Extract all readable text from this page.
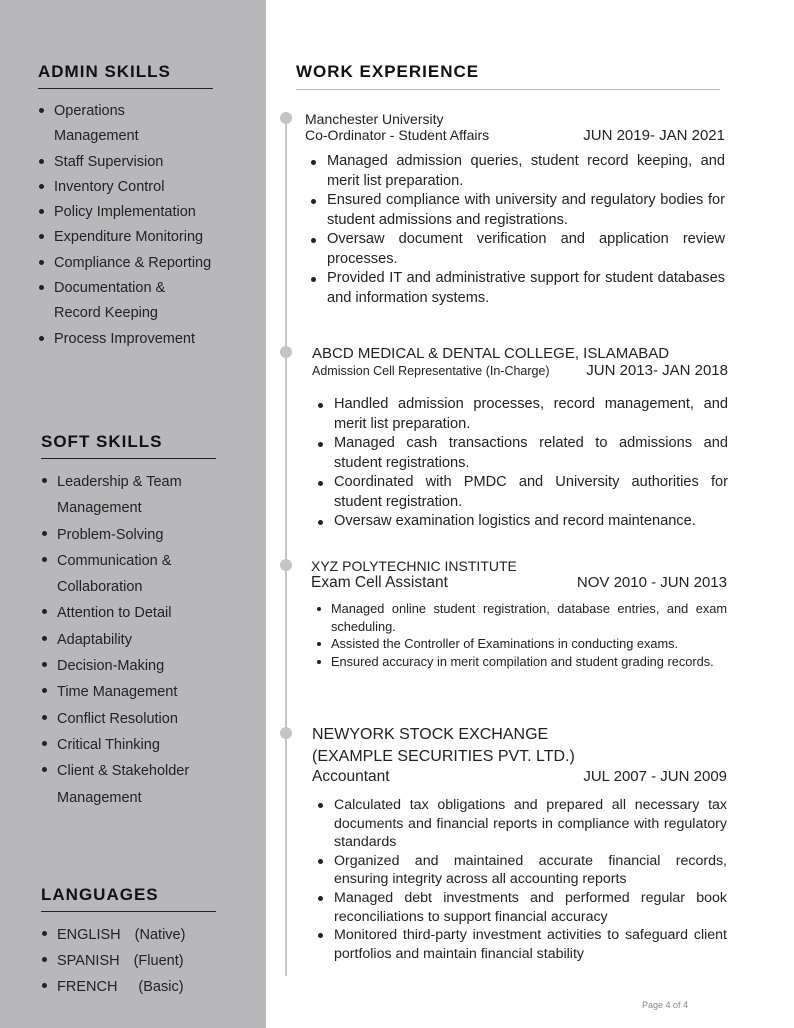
ADMIN SKILLS
Operations Management
Staff Supervision
Inventory Control
Policy Implementation
Expenditure Monitoring
Compliance & Reporting
Documentation &
Record Keeping
Process Improvement
SOFT SKILLS
Leadership & Team
Management
Problem-Solving
Communication &
Collaboration
Attention to Detail
Adaptability
Decision-Making
Time Management
Conflict Resolution
Critical Thinking
Client & Stakeholder
Management
LANGUAGES
ENGLISH (Native)
SPANISH (Fluent)
FRENCH (Basic)
WORK EXPERIENCE
Manchester University
Co-Ordinator - Student Affairs	JUN 2019- JAN 2021
Managed admission queries, student record keeping, and merit list preparation.
Ensured compliance with university and regulatory bodies for student admissions and registrations.
Oversaw document verification and application review processes.
Provided IT and administrative support for student databases and information systems.
ABCD MEDICAL & DENTAL COLLEGE, ISLAMABAD
Admission Cell Representative (In-Charge) JUN 2013- JAN 2018
Handled admission processes, record management, and merit list preparation.
Managed cash transactions related to admissions and student registrations.
Coordinated with PMDC and University authorities for student registration.
Oversaw examination logistics and record maintenance.
XYZ POLYTECHNIC INSTITUTE
Exam Cell Assistant	NOV 2010 - JUN 2013
Managed online student registration, database entries, and exam scheduling.
Assisted the Controller of Examinations in conducting exams.
Ensured accuracy in merit compilation and student grading records.
NEWYORK STOCK EXCHANGE
(EXAMPLE SECURITIES PVT. LTD.)
Accountant	JUL 2007 - JUN 2009
Calculated tax obligations and prepared all necessary tax documents and financial reports in compliance with regulatory standards
Organized and maintained accurate financial records, ensuring integrity across all accounting reports
Managed debt investments and performed regular book reconciliations to support financial accuracy
Monitored third-party investment activities to safeguard client portfolios and maintain financial stability
Page 4 of 4
